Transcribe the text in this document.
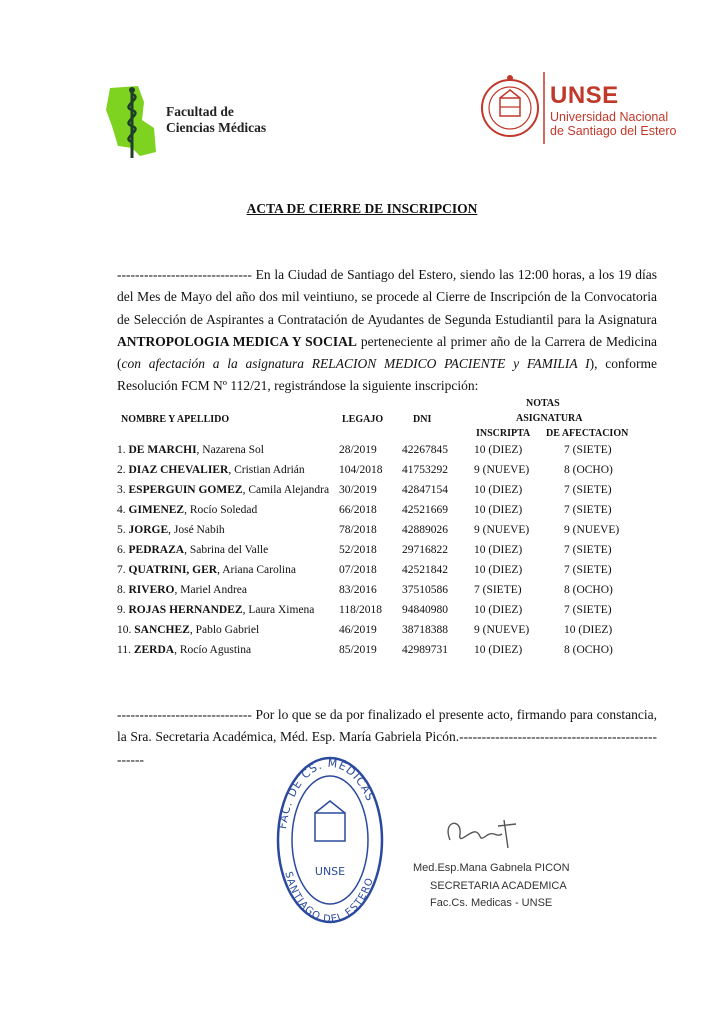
Facultad de
Ciencias Médicas
UNSE
Universidad Nacional
de Santiago del Estero
ACTA DE CIERRE DE INSCRIPCION
------------------------------ En la Ciudad de Santiago del Estero, siendo las 12:00 horas, a los 19 días del Mes de Mayo del año dos mil veintiuno, se procede al Cierre de Inscripción de la Convocatoria de Selección de Aspirantes a Contratación de Ayudantes de Segunda Estudiantil para la Asignatura ANTROPOLOGIA MEDICA Y SOCIAL perteneciente al primer año de la Carrera de Medicina (con afectación a la asignatura RELACION MEDICO PACIENTE y FAMILIA I), conforme Resolución FCM Nº 112/21, registrándose la siguiente inscripción:
NOMBRE Y APELLIDO	LEGAJO	DNI
NOTAS
ASIGNATURA
INSCRIPTA DE AFECTACION
1. DE MARCHI, Nazarena Sol	28/2019 42267845 10 (DIEZ)	7 (SIETE)
2. DIAZ CHEVALIER, Cristian Adrián	104/2018 41753292 9 (NUEVE)	8 (OCHO)
3. ESPERGUIN GOMEZ, Camila Alejandra 30/2019 42847154 10 (DIEZ)	7 (SIETE)
4. GIMENEZ, Rocío Soledad	66/2018 42521669 10 (DIEZ)	7 (SIETE)
5. JORGE, José Nabih	78/2018 42889026 9 (NUEVE)	9 (NUEVE)
6. PEDRAZA, Sabrina del Valle	52/2018 29716822 10 (DIEZ)	7 (SIETE)
7. QUATRINI, GER, Ariana Carolina	07/2018 42521842 10 (DIEZ)	7 (SIETE)
8. RIVERO, Mariel Andrea	83/2016 37510586 7 (SIETE)	8 (OCHO)
9. ROJAS HERNANDEZ, Laura Ximena 118/2018 94840980 10 (DIEZ)	7 (SIETE)
10. SANCHEZ, Pablo Gabriel	46/2019 38718388 9 (NUEVE)	10 (DIEZ)
11. ZERDA, Rocío Agustina	85/2019 42989731 10 (DIEZ)	8 (OCHO)
------------------------------ Por lo que se da por finalizado el presente acto, firmando para constancia, la Sra. Secretaria Académica, Méd. Esp. María Gabriela Picón.--------------------------------------------------
FAC. DE CS. MÉDICAS
SANTIAGO DEL ESTERO
UNSE	Med.Esp.Mana Gabnela PICON
SECRETARIA ACADEMICA
Fac.Cs. Medicas - UNSE
